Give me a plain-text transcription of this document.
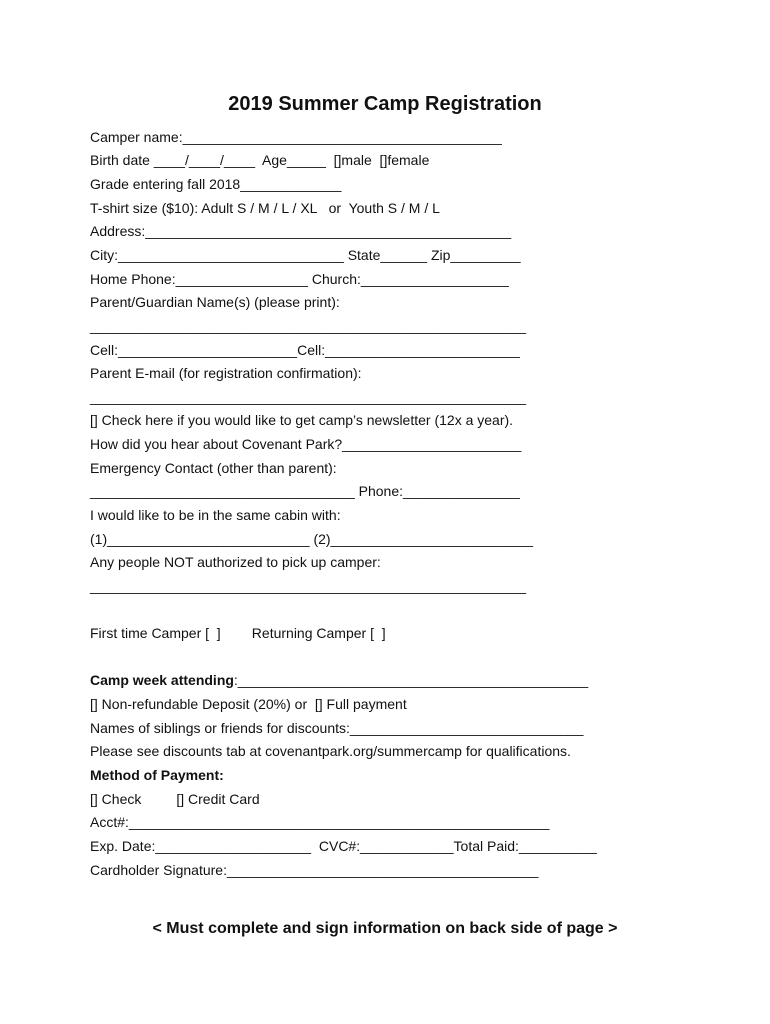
2019 Summer Camp Registration
Camper name:_________________________________________
Birth date ____/____/____  Age_____  []male  []female
Grade entering fall 2018_____________
T-shirt size ($10): Adult S / M / L / XL   or  Youth S / M / L
Address:_______________________________________________
City:_____________________________ State______ Zip_________
Home Phone:_________________ Church:___________________
Parent/Guardian Name(s) (please print):
________________________________________________________
Cell:_______________________Cell:_________________________
Parent E-mail (for registration confirmation):
________________________________________________________
[] Check here if you would like to get camp’s newsletter (12x a year).
How did you hear about Covenant Park?_______________________
Emergency Contact (other than parent):
__________________________________ Phone:_______________
I would like to be in the same cabin with:
(1)__________________________ (2)__________________________
Any people NOT authorized to pick up camper:
________________________________________________________
First time Camper [  ]        Returning Camper [  ]
Camp week attending:_____________________________________________
[] Non-refundable Deposit (20%) or  [] Full payment
Names of siblings or friends for discounts:______________________________
Please see discounts tab at covenantpark.org/summercamp for qualifications.
Method of Payment:
[] Check         [] Credit Card
Acct#:______________________________________________________
Exp. Date:____________________  CVC#:____________Total Paid:__________
Cardholder Signature:________________________________________
< Must complete and sign information on back side of page >
